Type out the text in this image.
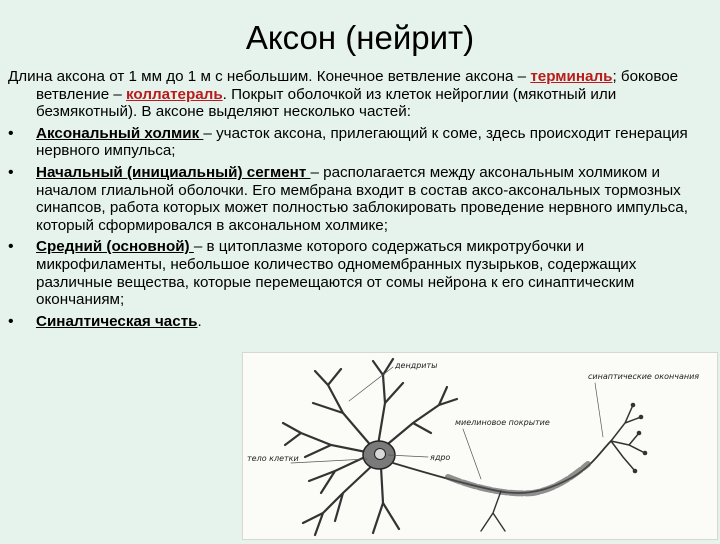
Аксон (нейрит)

Длина аксона от 1 мм до 1 м с небольшим. Конечное ветвление аксона – терминаль; боковое ветвление – коллатераль. Покрыт оболочкой из клеток нейроглии (мякотный или безмякотный). В аксоне выделяют несколько частей:

• Аксональный холмик – участок аксона, прилегающий к соме, здесь происходит генерация нервного импульса;
• Начальный (инициальный) сегмент – располагается между аксональным холмиком и началом глиальной оболочки. Его мембрана входит в состав аксо-аксональных тормозных синапсов, работа которых может полностью заблокировать проведение нервного импульса, который сформировался в аксональном холмике;
• Средний (основной) – в цитоплазме которого содержаться микротрубочки и микрофиламенты, небольшое количество одномембранных пузырьков, содержащих различные вещества, которые перемещаются от сомы нейрона к его синаптическим окончаниям;
• Синалтическая часть.
дендриты
синаптические окончания
миелиновое покрытие
ядро
тело клетки
